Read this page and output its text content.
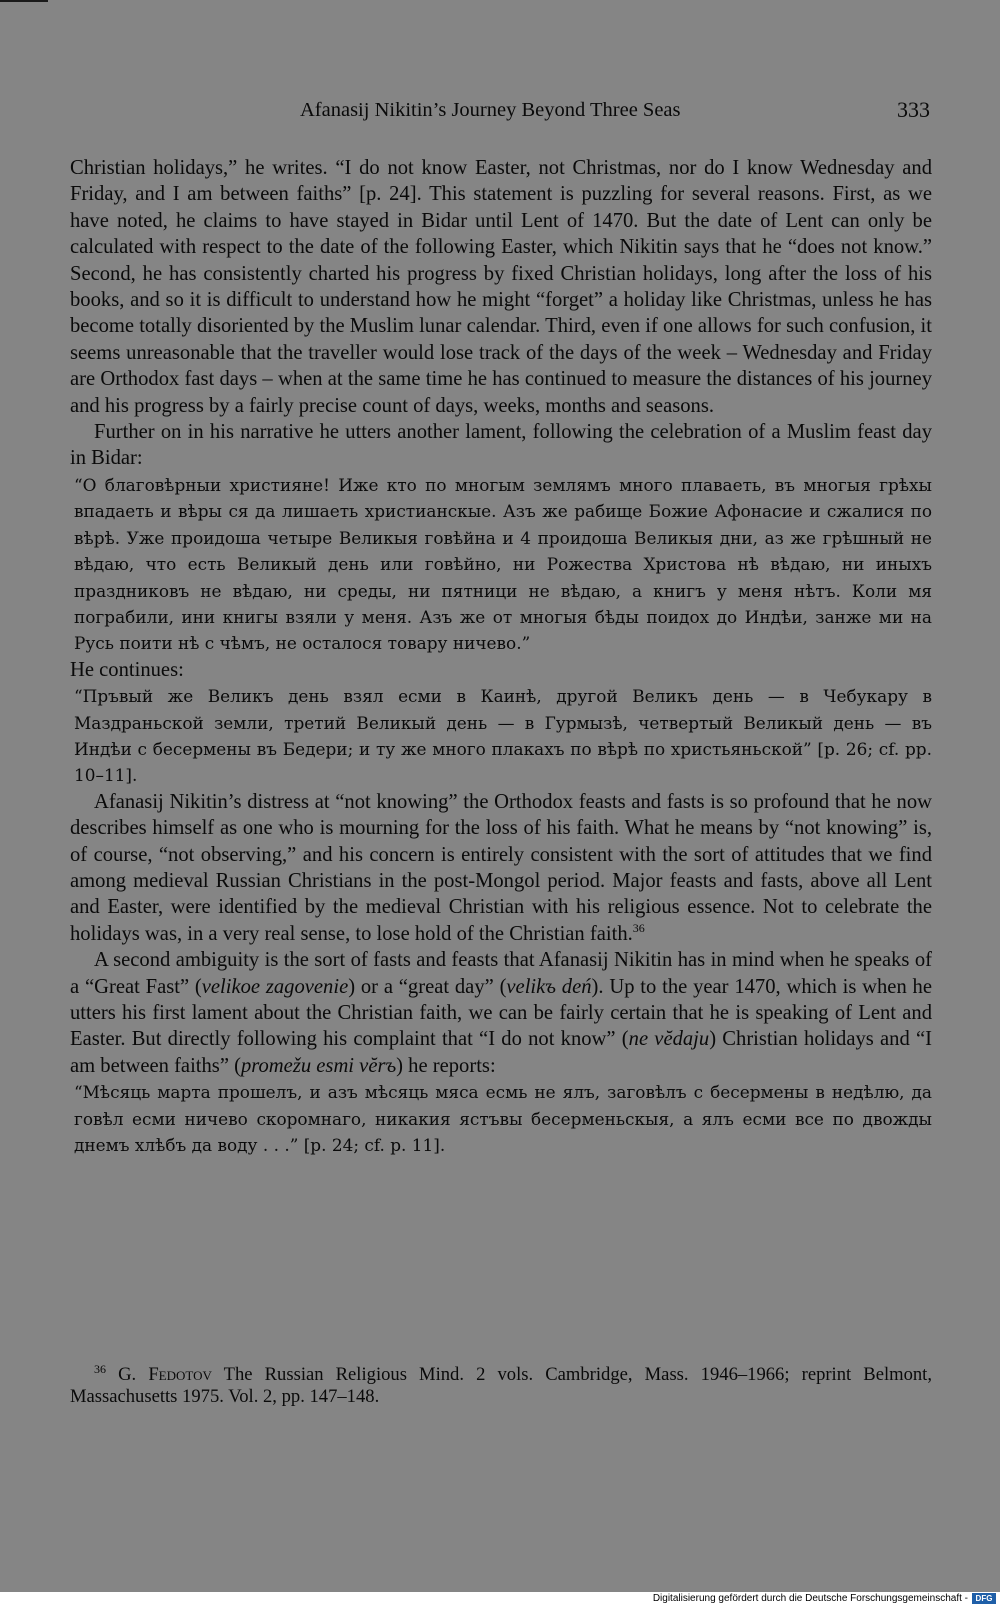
Afanasij Nikitin’s Journey Beyond Three Seas	333

Christian holidays,” he writes. “I do not know Easter, not Christmas, nor do I know Wednesday and Friday, and I am between faiths” [p. 24]. This statement is puzzling for several reasons. First, as we have noted, he claims to have stayed in Bidar until Lent of 1470. But the date of Lent can only be calculated with respect to the date of the following Easter, which Nikitin says that he “does not know.” Second, he has consistently charted his progress by fixed Christian holidays, long after the loss of his books, and so it is difficult to understand how he might “forget” a holiday like Christmas, unless he has become totally disoriented by the Muslim lunar calendar. Third, even if one allows for such confusion, it seems unreasonable that the traveller would lose track of the days of the week – Wednesday and Friday are Orthodox fast days – when at the same time he has continued to measure the distances of his journey and his progress by a fairly precise count of days, weeks, months and seasons.

Further on in his narrative he utters another lament, following the celebration of a Muslim feast day in Bidar:

“О благовѣрныи християне! Иже кто по многым землямъ много плаваеть, въ многыя грѣхы впадаеть и вѣры ся да лишаеть христианскые. Азъ же рабище Божие Афонасие и сжалися по вѣрѣ. Уже проидоша четыре Великыя говѣйна и 4 проидоша Великыя дни, аз же грѣшный не вѣдаю, что есть Великый день или говѣйно, ни Рожества Христова нѣ вѣдаю, ни иныхъ праздниковъ не вѣдаю, ни среды, ни пятници не вѣдаю, а книгъ у меня нѣтъ. Коли мя пограбили, ини книгы взяли у меня. Азъ же от многыя бѣды поидох до Индѣи, занже ми на Русь поити нѣ с чѣмъ, не осталося товару ничево.”

He continues:

“Пръвый же Великъ день взял есми в Каинѣ, другой Великъ день — в Чебукару в Маздраньской земли, третий Великый день — в Гурмызѣ, четвертый Великый день — въ Индѣи с бесермены въ Бедери; и ту же много плакахъ по вѣрѣ по христьяньской” [p. 26; cf. pp. 10–11].

Afanasij Nikitin’s distress at “not knowing” the Orthodox feasts and fasts is so profound that he now describes himself as one who is mourning for the loss of his faith. What he means by “not knowing” is, of course, “not observing,” and his concern is entirely consistent with the sort of attitudes that we find among medieval Russian Christians in the post-Mongol period. Major feasts and fasts, above all Lent and Easter, were identified by the medieval Christian with his religious essence. Not to celebrate the holidays was, in a very real sense, to lose hold of the Christian faith.$^{36}$

A second ambiguity is the sort of fasts and feasts that Afanasij Nikitin has in mind when he speaks of a “Great Fast” (velikoe zagovenie) or a “great day” (velikъ deń). Up to the year 1470, which is when he utters his first lament about the Christian faith, we can be fairly certain that he is speaking of Lent and Easter. But directly following his complaint that “I do not know” (ne vĕdaju) Christian holidays and “I am between faiths” (promežu esmi vĕrъ) he reports:

“Мѣсяць марта прошелъ, и азъ мѣсяць мяса есмь не ялъ, заговѣлъ с бесермены в недѣлю, да говѣл есми ничево скоромнаго, никакия ястъвы бесерменьскыя, а ялъ есми все по двожды днемъ хлѣбъ да воду . . .” [p. 24; cf. p. 11].

$^{36}$ G. Fedotov The Russian Religious Mind. 2 vols. Cambridge, Mass. 1946–1966; reprint Belmont, Massachusetts 1975. Vol. 2, pp. 147–148.

Digitalisierung gefördert durch die Deutsche Forschungsgemeinschaft - DFG
